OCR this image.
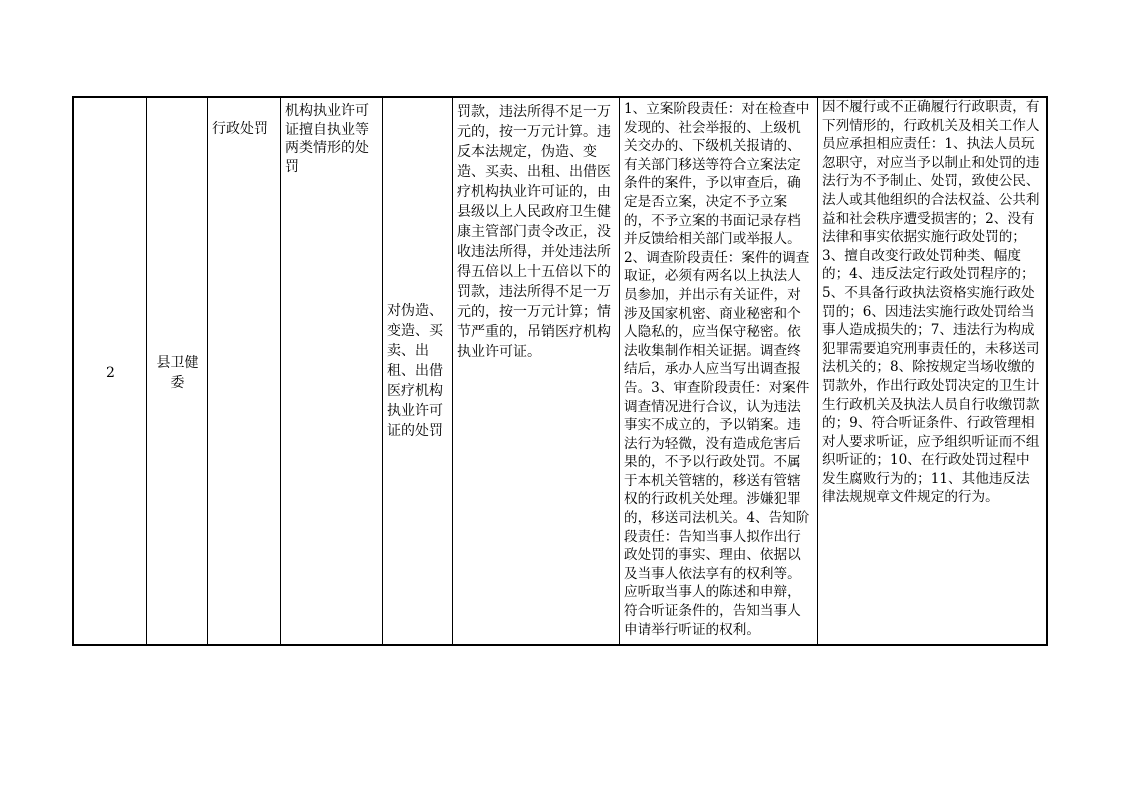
2

县卫健委

行政处罚

机构执业许可证擅自执业等两类情形的处罚

对伪造、变造、买卖、出租、出借医疗机构执业许可证的处罚

罚款，违法所得不足一万元的，按一万元计算。违反本法规定，伪造、变造、买卖、出租、出借医疗机构执业许可证的，由县级以上人民政府卫生健康主管部门责令改正，没收违法所得，并处违法所得五倍以上十五倍以下的罚款，违法所得不足一万元的，按一万元计算；情节严重的，吊销医疗机构执业许可证。

1、立案阶段责任：对在检查中发现的、社会举报的、上级机关交办的、下级机关报请的、有关部门移送等符合立案法定条件的案件，予以审查后，确定是否立案，决定不予立案的，不予立案的书面记录存档并反馈给相关部门或举报人。2、调查阶段责任：案件的调查取证，必须有两名以上执法人员参加，并出示有关证件，对涉及国家机密、商业秘密和个人隐私的，应当保守秘密。依法收集制作相关证据。调查终结后，承办人应当写出调查报告。3、审查阶段责任：对案件调查情况进行合议，认为违法事实不成立的，予以销案。违法行为轻微，没有造成危害后果的，不予以行政处罚。不属于本机关管辖的，移送有管辖权的行政机关处理。涉嫌犯罪的，移送司法机关。4、告知阶段责任：告知当事人拟作出行政处罚的事实、理由、依据以及当事人依法享有的权利等。应听取当事人的陈述和申辩，符合听证条件的，告知当事人申请举行听证的权利。

因不履行或不正确履行行政职责，有下列情形的，行政机关及相关工作人员应承担相应责任：1、执法人员玩忽职守，对应当予以制止和处罚的违法行为不予制止、处罚，致使公民、法人或其他组织的合法权益、公共利益和社会秩序遭受损害的；2、没有法律和事实依据实施行政处罚的；3、擅自改变行政处罚种类、幅度的；4、违反法定行政处罚程序的；5、不具备行政执法资格实施行政处罚的；6、因违法实施行政处罚给当事人造成损失的；7、违法行为构成犯罪需要追究刑事责任的，未移送司法机关的；8、除按规定当场收缴的罚款外，作出行政处罚决定的卫生计生行政机关及执法人员自行收缴罚款的；9、符合听证条件、行政管理相对人要求听证，应予组织听证而不组织听证的；10、在行政处罚过程中发生腐败行为的；11、其他违反法律法规规章文件规定的行为。
